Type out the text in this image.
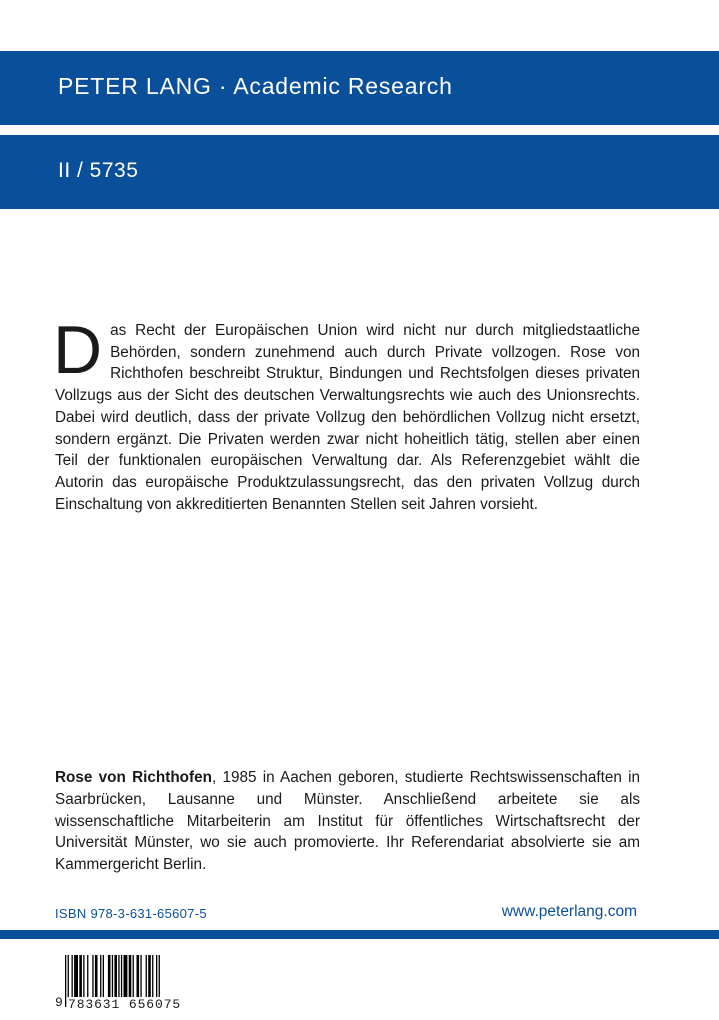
PETER LANG · Academic Research
II / 5735
Das Recht der Europäischen Union wird nicht nur durch mitgliedstaatliche Behörden, sondern zunehmend auch durch Private vollzogen. Rose von Richthofen beschreibt Struktur, Bindungen und Rechtsfolgen dieses privaten Vollzugs aus der Sicht des deutschen Verwaltungsrechts wie auch des Unionsrechts. Dabei wird deutlich, dass der private Vollzug den behördlichen Vollzug nicht ersetzt, sondern ergänzt. Die Privaten werden zwar nicht hoheitlich tätig, stellen aber einen Teil der funktionalen europäischen Verwaltung dar. Als Referenzgebiet wählt die Autorin das europäische Produktzulassungsrecht, das den privaten Vollzug durch Einschaltung von akkreditierten Benannten Stellen seit Jahren vorsieht.
Rose von Richthofen, 1985 in Aachen geboren, studierte Rechtswissenschaften in Saarbrücken, Lausanne und Münster. Anschließend arbeitete sie als wissenschaftliche Mitarbeiterin am Institut für öffentliches Wirtschaftsrecht der Universität Münster, wo sie auch promovierte. Ihr Referendariat absolvierte sie am Kammergericht Berlin.
ISBN 978-3-631-65607-5	www.peterlang.com
9 783631 656075
